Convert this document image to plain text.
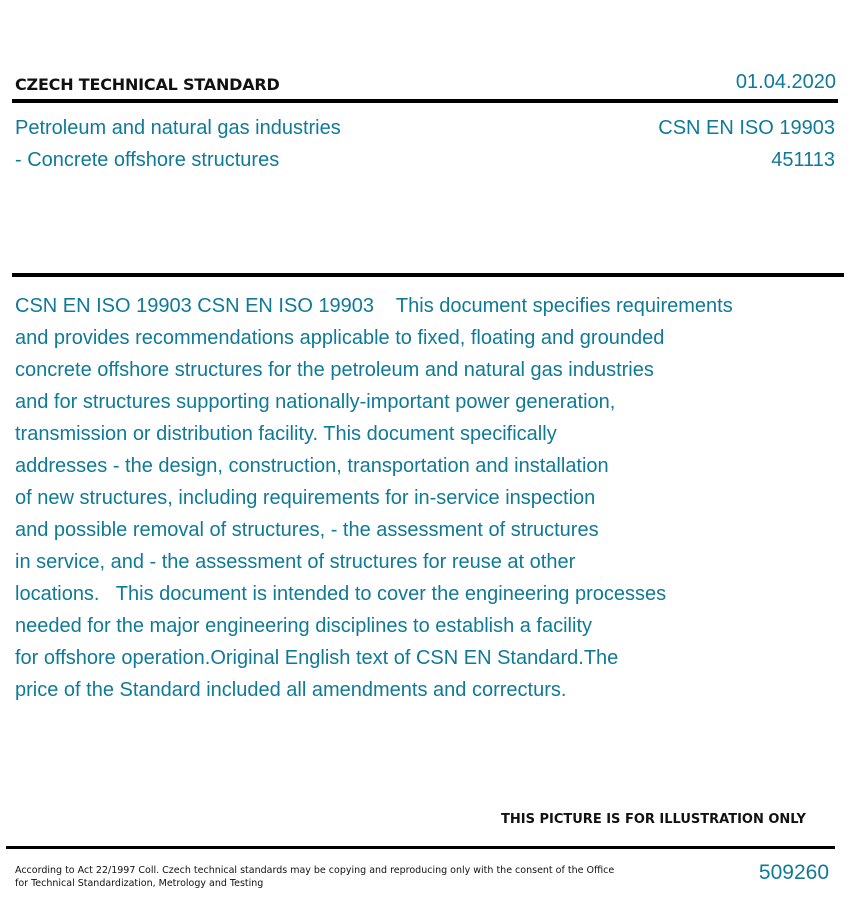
CZECH TECHNICAL STANDARD	01.04.2020
Petroleum and natural gas industries
- Concrete offshore structures
CSN EN ISO 19903
451113
CSN EN ISO 19903 CSN EN ISO 19903    This document specifies requirements
and provides recommendations applicable to fixed, floating and grounded
concrete offshore structures for the petroleum and natural gas industries
and for structures supporting nationally-important power generation,
transmission or distribution facility. This document specifically
addresses - the design, construction, transportation and installation
of new structures, including requirements for in-service inspection
and possible removal of structures, - the assessment of structures
in service, and - the assessment of structures for reuse at other
locations.   This document is intended to cover the engineering processes
needed for the major engineering disciplines to establish a facility
for offshore operation.Original English text of CSN EN Standard.The
price of the Standard included all amendments and correcturs.
THIS PICTURE IS FOR ILLUSTRATION ONLY
According to Act 22/1997 Coll. Czech technical standards may be copying and reproducing only with the consent of the Office
for Technical Standardization, Metrology and Testing	509260
